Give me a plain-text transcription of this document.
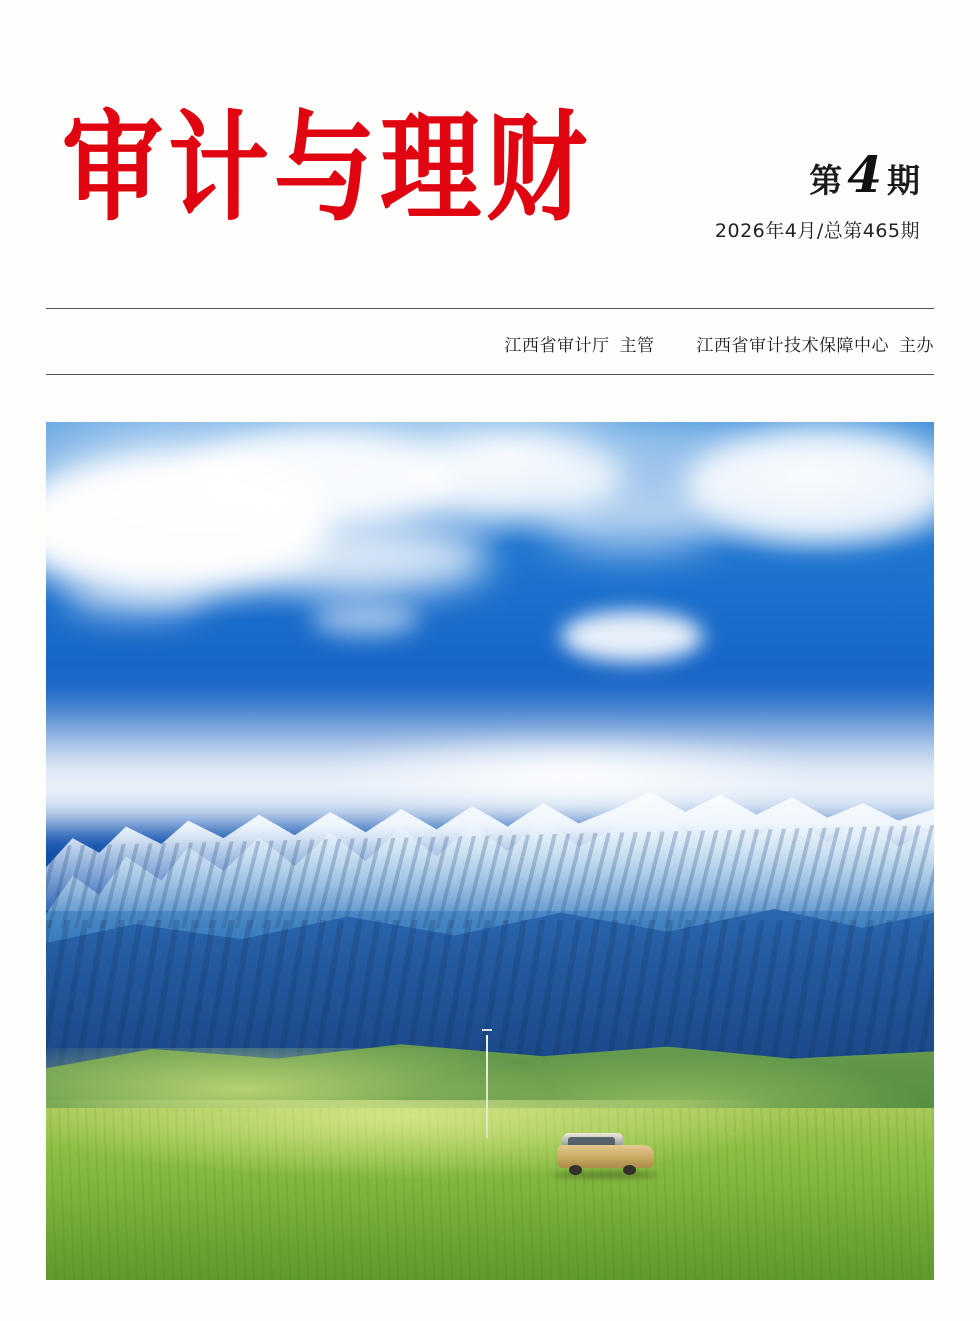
审计与理财	第 4 期
2026年4月/总第465期
江西省审计厅 主管 江西省审计技术保障中心 主办
